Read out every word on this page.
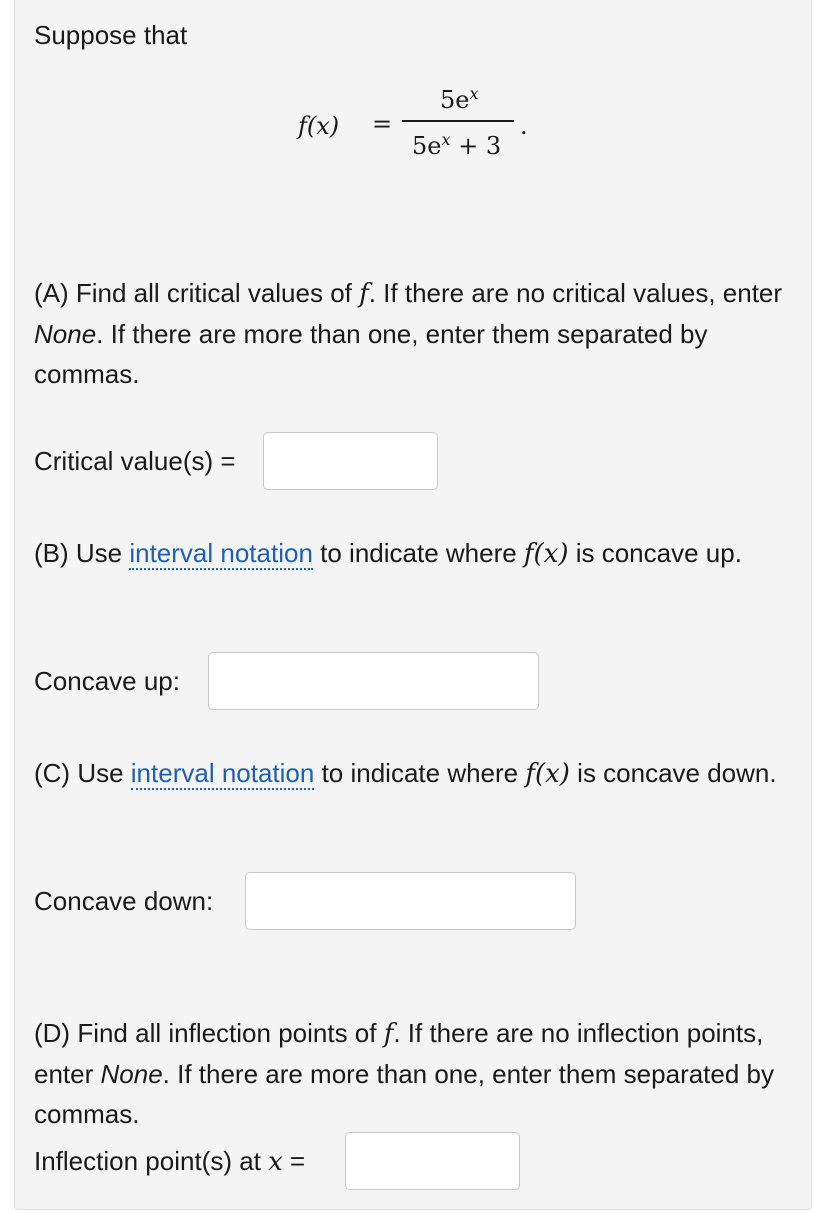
Suppose that
f(x) =
$5e^x$
$5e^x + 3$
.
(A) Find all critical values of f. If there are no critical values, enter None. If there are more than one, enter them separated by commas.
Critical value(s) =
(B) Use interval notation to indicate where f(x) is concave up.
Concave up:
(C) Use interval notation to indicate where f(x) is concave down.
Concave down:
(D) Find all inflection points of f. If there are no inflection points, enter None. If there are more than one, enter them separated by commas.
Inflection point(s) at x =
